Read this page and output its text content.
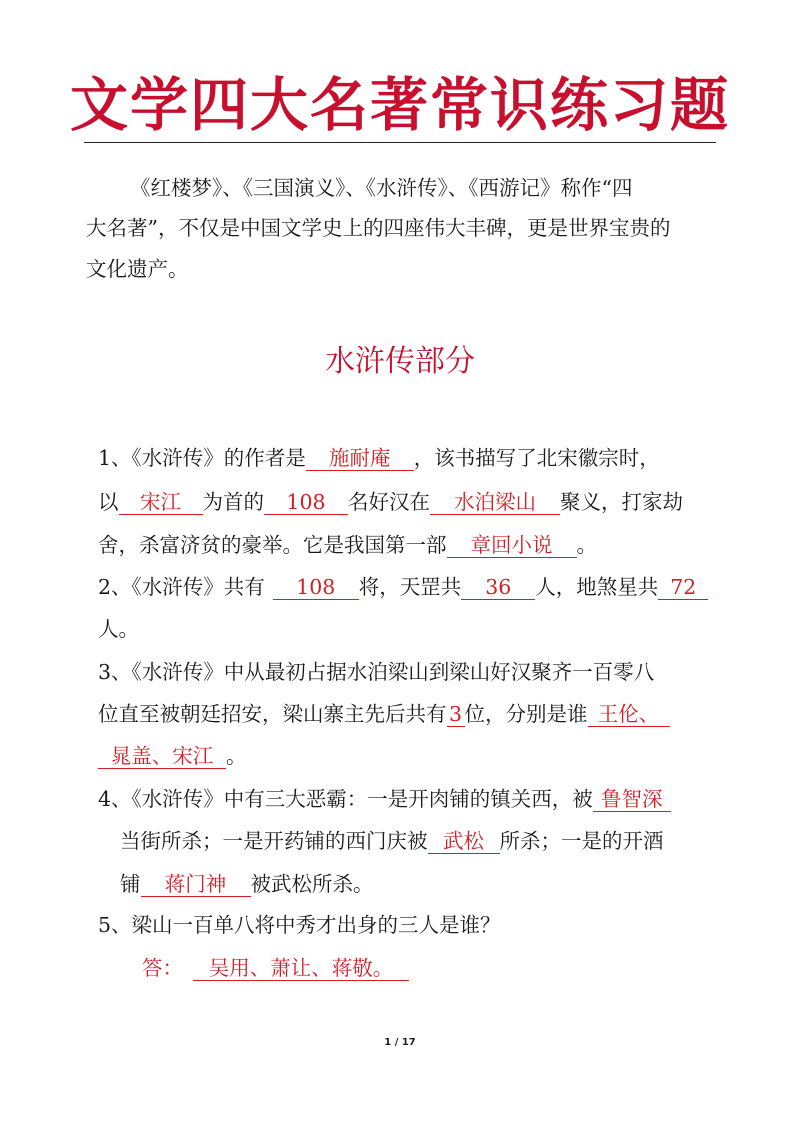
文学四大名著常识练习题
《红楼梦》、《三国演义》、《水浒传》、《西游记》称作“四
大名著”，不仅是中国文学史上的四座伟大丰碑，更是世界宝贵的
文化遗产。
水浒传部分
1、《水浒传》的作者是 施耐庵 ，该书描写了北宋徽宗时，
以 宋江 为首的 108 名好汉在 水泊梁山 聚义，打家劫
舍，杀富济贫的豪举。它是我国第一部 章回小说 。
2、《水浒传》共有 108 将，天罡共 36 人，地煞星共 72
人。
3、《水浒传》中从最初占据水泊梁山到梁山好汉聚齐一百零八
位直至被朝廷招安，梁山寨主先后共有 3 位，分别是谁 王伦、
晁盖、宋江 。
4、《水浒传》中有三大恶霸：一是开肉铺的镇关西，被 鲁智深
当街所杀；一是开药铺的西门庆被 武松 所杀；一是的开酒
铺 蒋门神 被武松所杀。
5、梁山一百单八将中秀才出身的三人是谁？
答： 吴用、萧让、蒋敬。
1 / 17
